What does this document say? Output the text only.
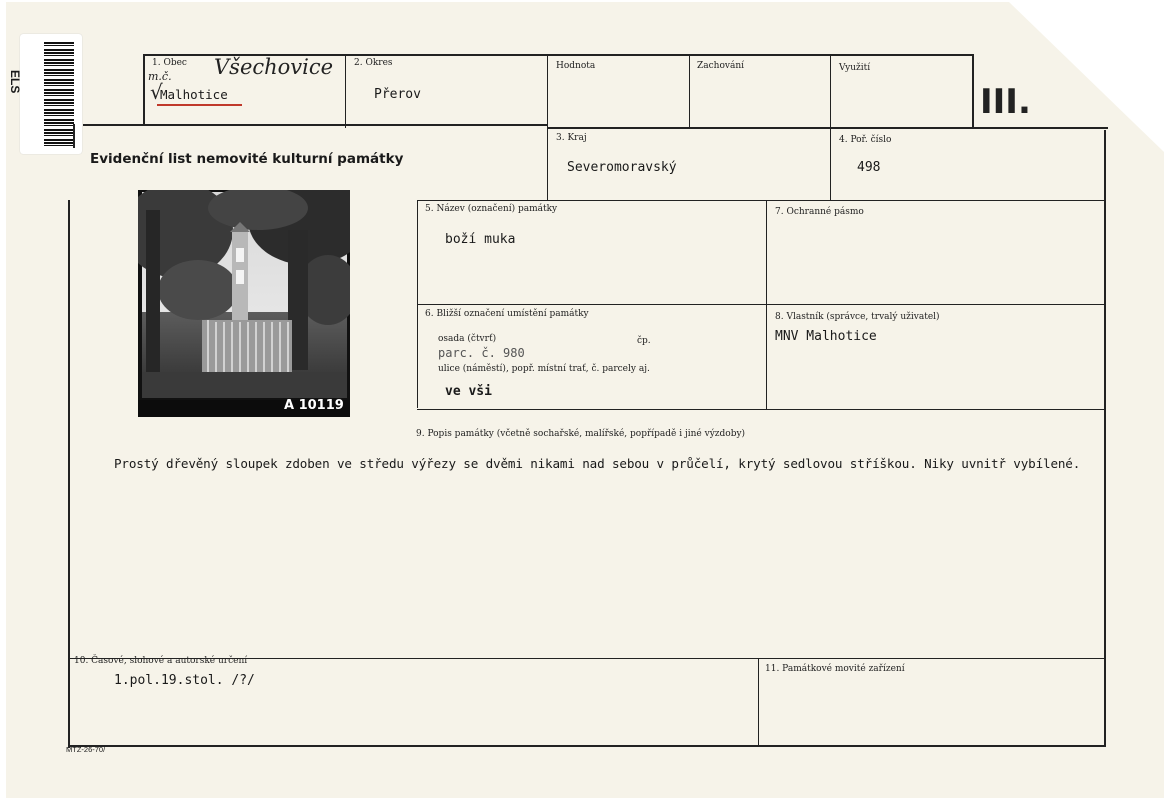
ELS
1. Obec
m.č. Všechovice
Malhotice
√
2. Okres
Přerov
Hodnota	Zachování	Využití
III.
Evidenční list nemovité kulturní památky
3. Kraj
Severomoravský
4. Poř. číslo
498
A 10119
5. Název (označení) památky
boží muka
7. Ochranné pásmo
6. Bližší označení umístění památky
osada (čtvrť)	čp.
parc. č. 980
ulice (náměstí), popř. místní trať, č. parcely aj.
ve vši
8. Vlastník (správce, trvalý uživatel)
MNV Malhotice
9. Popis památky (včetně sochařské, malířské, popřípadě i jiné výzdoby)
Prostý dřevěný sloupek zdoben ve středu výřezy se dvěmi nikami nad sebou v průčelí, krytý sedlovou stříškou. Niky uvnitř vybílené.
10. Časové, slohové a autorské určení
1.pol.19.stol. /?/
11. Památkové movité zařízení
MTZ-26-70/
